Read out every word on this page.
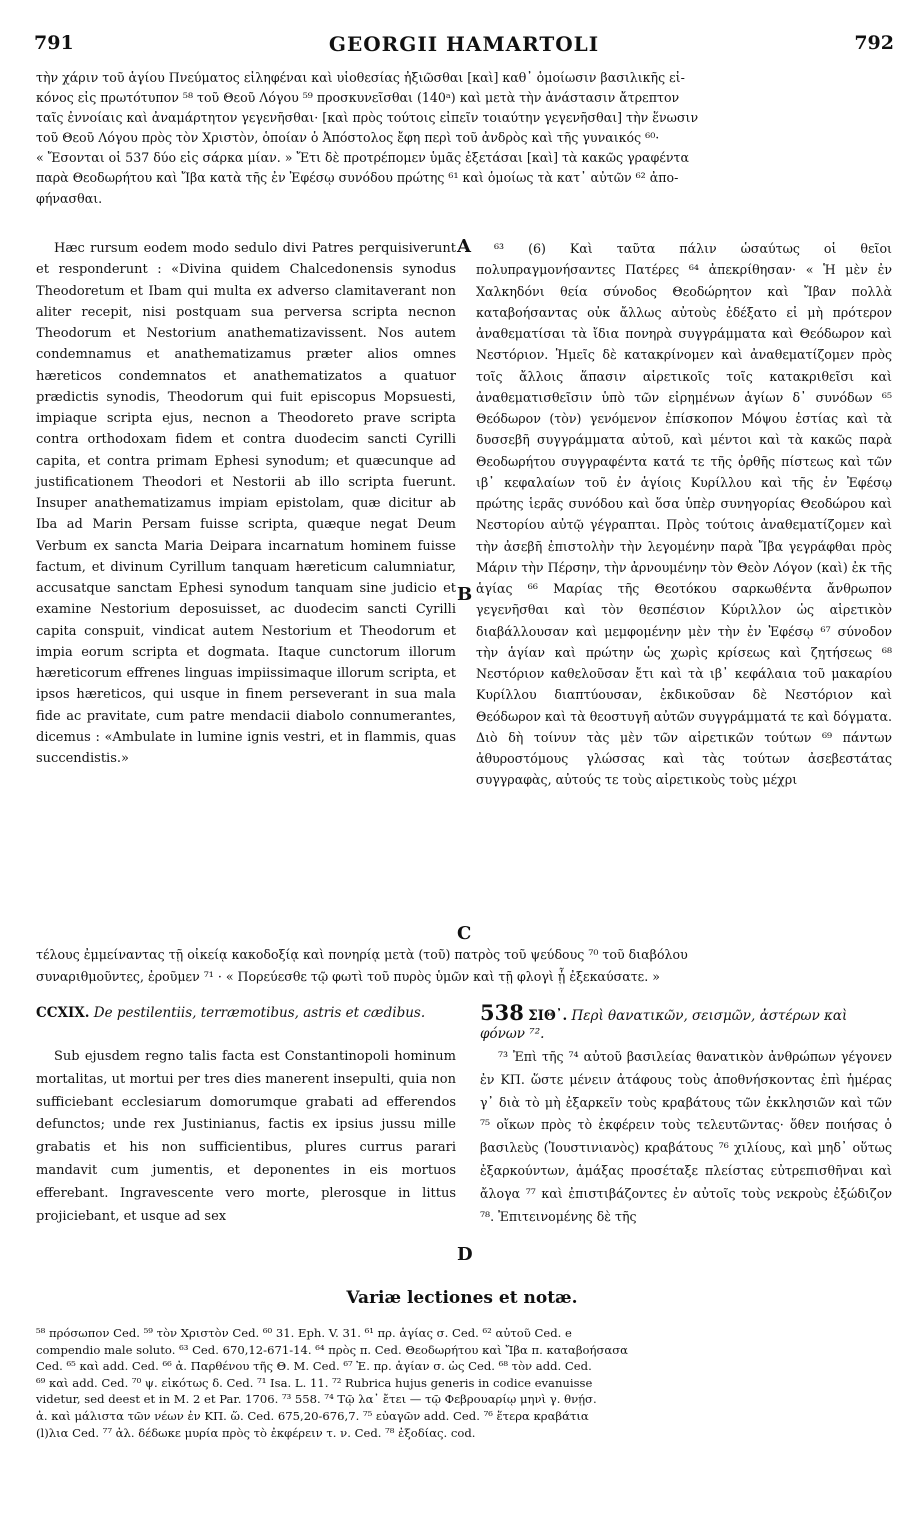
791	GEORGII HAMARTOLI	792

τὴν χάριν τοῦ ἁγίου Πνεύματος εἰληφέναι καὶ υἱοθεσίας ἠξιῶσθαι [καὶ] καθ᾽ ὁμοίωσιν βασιλικῆς εἰ-

κόνος εἰς πρωτότυπον ⁵⁸ τοῦ Θεοῦ Λόγου ⁵⁹ προσκυνεῖσθαι (140ᵃ) καὶ μετὰ τὴν ἀνάστασιν ἄτρεπτον

ταῖς ἐννοίαις καὶ ἀναμάρτητον γεγενῆσθαι· [καὶ πρὸς τούτοις εἰπεῖν τοιαύτην γεγενῆσθαι] τὴν ἕνωσιν

τοῦ Θεοῦ Λόγου πρὸς τὸν Χριστὸν, ὁποίαν ὁ Ἀπόστολος ἔφη περὶ τοῦ ἀνδρὸς καὶ τῆς γυναικός ⁶⁰·

« Ἔσονται οἱ 537 δύο εἰς σάρκα μίαν. » Ἔτι δὲ προτρέπομεν ὑμᾶς ἐξετάσαι [καὶ] τὰ κακῶς γραφέντα

παρὰ Θεοδωρήτου καὶ Ἴβα κατὰ τῆς ἐν Ἐφέσῳ συνόδου πρώτης ⁶¹ καὶ ὁμοίως τὰ κατ᾽ αὐτῶν ⁶² ἀπο-

φήνασθαι.

Hæc rursum eodem modo sedulo divi Patres perquisiverunt et responderunt : «Divina quidem Chalcedonensis synodus Theodoretum et Ibam qui multa ex adverso clamitaverant non aliter recepit, nisi postquam sua perversa scripta necnon Theodorum et Nestorium anathematizavissent. Nos autem condemnamus et anathematizamus præter alios omnes hæreticos condemnatos et anathematizatos a quatuor prædictis synodis, Theodorum qui fuit episcopus Mopsuesti, impiaque scripta ejus, necnon a Theodoreto prave scripta contra orthodoxam fidem et contra duodecim sancti Cyrilli capita, et contra primam Ephesi synodum; et quæcunque ad justificationem Theodori et Nestorii ab illo scripta fuerunt. Insuper anathematizamus impiam epistolam, quæ dicitur ab Iba ad Marin Persam fuisse scripta, quæque negat Deum Verbum ex sancta Maria Deipara incarnatum hominem fuisse factum, et divinum Cyrillum tanquam hæreticum calumniatur, accusatque sanctam Ephesi synodum tanquam sine judicio et examine Nestorium deposuisset, ac duodecim sancti Cyrilli capita conspuit, vindicat autem Nestorium et Theodorum et impia eorum scripta et dogmata. Itaque cunctorum illorum hæreticorum effrenes linguas impiissimaque illorum scripta, et ipsos hæreticos, qui usque in finem perseverant in sua mala fide ac pravitate, cum patre mendacii diabolo connumerantes, dicemus : «Ambulate in lumine ignis vestri, et in flammis, quas succendistis.»

⁶³ (6) Καὶ ταῦτα πάλιν ὡσαύτως οἱ θεῖοι πολυπραγμονήσαντες Πατέρες ⁶⁴ ἀπεκρίθησαν· « Ἡ μὲν ἐν Χαλκηδόνι θεία σύνοδος Θεοδώρητον καὶ Ἴβαν πολλὰ καταβοήσαντας οὐκ ἄλλως αὐτοὺς ἐδέξατο εἰ μὴ πρότερον ἀναθεματίσαι τὰ ἴδια πονηρὰ συγγράμματα καὶ Θεόδωρον καὶ Νεστόριον. Ἡμεῖς δὲ κατακρίνομεν καὶ ἀναθεματίζομεν πρὸς τοῖς ἄλλοις ἅπασιν αἱρετικοῖς τοῖς κατακριθεῖσι καὶ ἀναθεματισθεῖσιν ὑπὸ τῶν εἰρημένων ἁγίων δ᾽ συνόδων ⁶⁵ Θεόδωρον (τὸν) γενόμενον ἐπίσκοπον Μόψου ἑστίας καὶ τὰ δυσσεβῆ συγγράμματα αὐτοῦ, καὶ μέντοι καὶ τὰ κακῶς παρὰ Θεοδωρήτου συγγραφέντα κατά τε τῆς ὀρθῆς πίστεως καὶ τῶν ιβ᾽ κεφαλαίων τοῦ ἐν ἁγίοις Κυρίλλου καὶ τῆς ἐν Ἐφέσῳ πρώτης ἱερᾶς συνόδου καὶ ὅσα ὑπὲρ συνηγορίας Θεοδώρου καὶ Νεστορίου αὐτῷ γέγραπται. Πρὸς τούτοις ἀναθεματίζομεν καὶ τὴν ἀσεβῆ ἐπιστολὴν τὴν λεγομένην παρὰ Ἴβα γεγράφθαι πρὸς Μάριν τὴν Πέρσην, τὴν ἀρνουμένην τὸν Θεὸν Λόγον (καὶ) ἐκ τῆς ἁγίας ⁶⁶ Μαρίας τῆς Θεοτόκου σαρκωθέντα ἄνθρωπον γεγενῆσθαι καὶ τὸν θεσπέσιον Κύριλλον ὡς αἱρετικὸν διαβάλλουσαν καὶ μεμφομένην μὲν τὴν ἐν Ἐφέσῳ ⁶⁷ σύνοδον τὴν ἁγίαν καὶ πρώτην ὡς χωρὶς κρίσεως καὶ ζητήσεως ⁶⁸ Νεστόριον καθελοῦσαν ἔτι καὶ τὰ ιβ᾽ κεφάλαια τοῦ μακαρίου Κυρίλλου διαπτύουσαν, ἐκδικοῦσαν δὲ Νεστόριον καὶ Θεόδωρον καὶ τὰ θεοστυγῆ αὐτῶν συγγράμματά τε καὶ δόγματα. Διὸ δὴ τοίνυν τὰς μὲν τῶν αἱρετικῶν τούτων ⁶⁹ πάντων ἀθυροστόμους γλώσσας καὶ τὰς τούτων ἀσεβεστάτας συγγραφὰς, αὐτούς τε τοὺς αἱρετικοὺς τοὺς μέχρι

A
B
C
D

τέλους ἐμμείναντας τῇ οἰκείᾳ κακοδοξίᾳ καὶ πονηρίᾳ μετὰ (τοῦ) πατρὸς τοῦ ψεύδους ⁷⁰ τοῦ διαβόλου

συναριθμοῦντες, ἐροῦμεν ⁷¹ · « Πορεύεσθε τῷ φωτὶ τοῦ πυρὸς ὑμῶν καὶ τῇ φλογὶ ᾗ ἐξεκαύσατε. »

CCXIX. De pestilentiis, terræmotibus, astris et cædibus.	538 ΣΙΘ᾽. Περὶ θανατικῶν, σεισμῶν, ἀστέρων καὶ φόνων ⁷².

Sub ejusdem regno talis facta est Constantinopoli hominum mortalitas, ut mortui per tres dies manerent insepulti, quia non sufficiebant ecclesiarum domorumque grabati ad efferendos defunctos; unde rex Justinianus, factis ex ipsius jussu mille grabatis et his non sufficientibus, plures currus parari mandavit cum jumentis, et deponentes in eis mortuos efferebant. Ingravescente vero morte, plerosque in littus projiciebant, et usque ad sex

⁷³ Ἐπὶ τῆς ⁷⁴ αὐτοῦ βασιλείας θανατικὸν ἀνθρώπων γέγονεν ἐν ΚΠ. ὥστε μένειν ἀτάφους τοὺς ἀποθνήσκοντας ἐπὶ ἡμέρας γ᾽ διὰ τὸ μὴ ἐξαρκεῖν τοὺς κραβάτους τῶν ἐκκλησιῶν καὶ τῶν ⁷⁵ οἴκων πρὸς τὸ ἐκφέρειν τοὺς τελευτῶντας· ὅθεν ποιήσας ὁ βασιλεὺς (Ἰουστινιανὸς) κραβάτους ⁷⁶ χιλίους, καὶ μηδ᾽ οὕτως ἐξαρκούντων, ἁμάξας προσέταξε πλείστας εὐτρεπισθῆναι καὶ ἄλογα ⁷⁷ καὶ ἐπιστιβάζοντες ἐν αὐτοῖς τοὺς νεκροὺς ἐξώδιζον ⁷⁸. Ἐπιτεινομένης δὲ τῆς

Variæ lectiones et notæ.

⁵⁸ πρόσωπον Ced. ⁵⁹ τὸν Χριστὸν Ced. ⁶⁰ 31. Eph. V. 31. ⁶¹ πρ. ἁγίας σ. Ced. ⁶² αὐτοῦ Ced. e

compendio male soluto. ⁶³ Ced. 670,12-671-14. ⁶⁴ πρὸς π. Ced. Θεοδωρήτου καὶ Ἴβα π. καταβοήσασα

Ced. ⁶⁵ καὶ add. Ced. ⁶⁶ ἀ. Παρθένου τῆς Θ. M. Ced. ⁶⁷ Ἐ. πρ. ἁγίαν σ. ὡς Ced. ⁶⁸ τὸν add. Ced.

⁶⁹ καὶ add. Ced. ⁷⁰ ψ. εἰκότως δ. Ced. ⁷¹ Isa. L. 11. ⁷² Rubrica hujus generis in codice evanuisse

videtur, sed deest et in M. 2 et Par. 1706. ⁷³ 558. ⁷⁴ Τῷ λα᾽ ἔτει — τῷ Φεβρουαρίῳ μηνὶ γ. θνῄσ.

ἀ. καὶ μάλιστα τῶν νέων ἐν ΚΠ. ὥ. Ced. 675,20-676,7. ⁷⁵ εὐαγῶν add. Ced. ⁷⁶ ἕτερα κραβάτια

(l)λια Ced. ⁷⁷ ἀλ. δέδωκε μυρία πρὸς τὸ ἐκφέρειν τ. ν. Ced. ⁷⁸ ἐξοδίας. cod.
